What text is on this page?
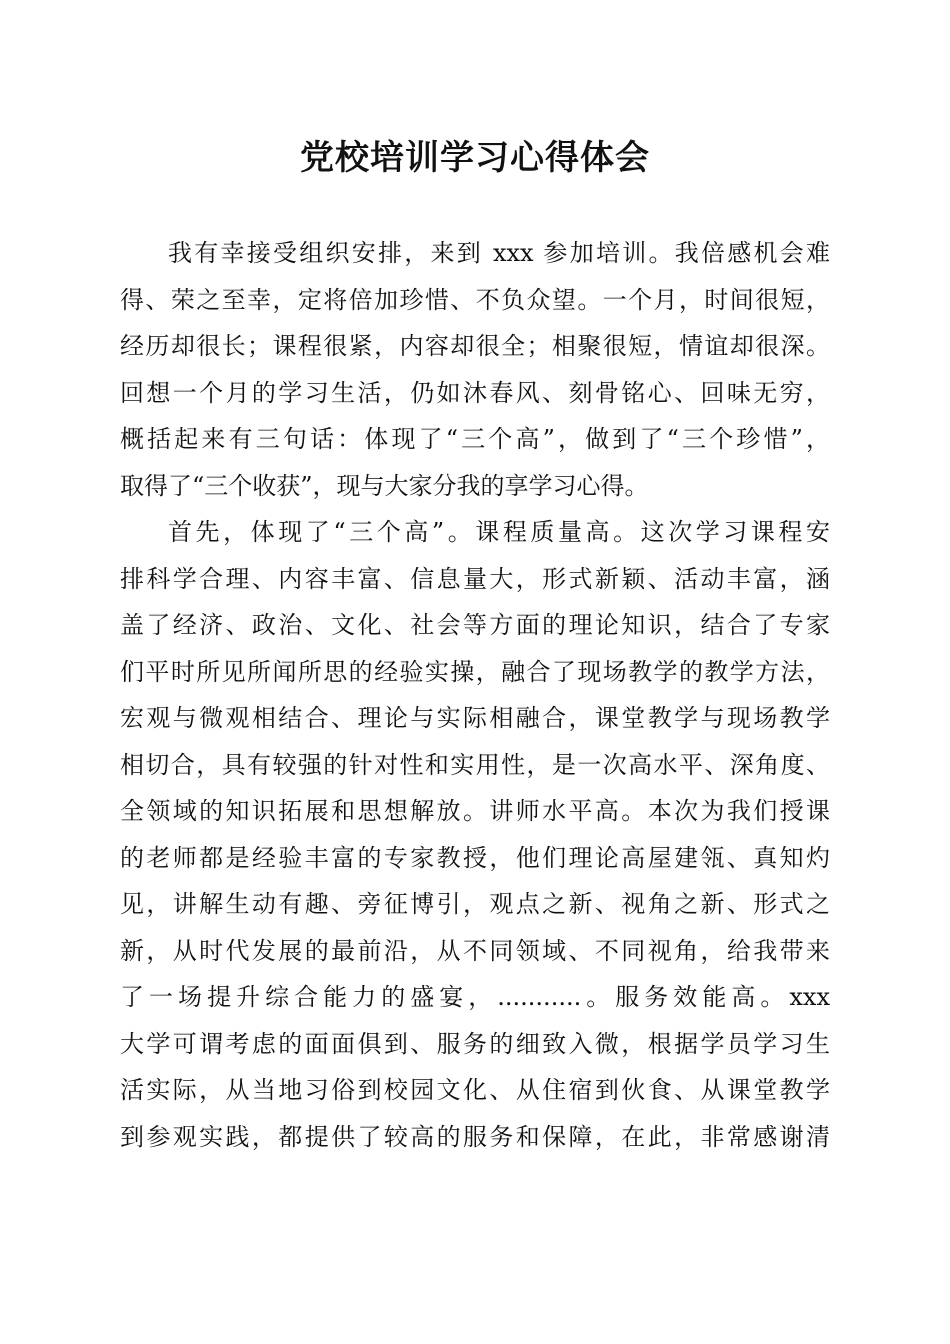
党校培训学习心得体会
我有幸接受组织安排，来到 xxx 参加培训。我倍感机会难
得、荣之至幸，定将倍加珍惜、不负众望。一个月，时间很短，
经历却很长；课程很紧，内容却很全；相聚很短，情谊却很深。
回想一个月的学习生活，仍如沐春风、刻骨铭心、回味无穷，
概括起来有三句话：体现了“三个高”，做到了“三个珍惜”，
取得了“三个收获”，现与大家分我的享学习心得。
首先，体现了“三个高”。课程质量高。这次学习课程安
排科学合理、内容丰富、信息量大，形式新颖、活动丰富，涵
盖了经济、政治、文化、社会等方面的理论知识，结合了专家
们平时所见所闻所思的经验实操，融合了现场教学的教学方法，
宏观与微观相结合、理论与实际相融合，课堂教学与现场教学
相切合，具有较强的针对性和实用性，是一次高水平、深角度、
全领域的知识拓展和思想解放。讲师水平高。本次为我们授课
的老师都是经验丰富的专家教授，他们理论高屋建瓴、真知灼
见，讲解生动有趣、旁征博引，观点之新、视角之新、形式之
新，从时代发展的最前沿，从不同领域、不同视角，给我带来
了一场提升综合能力的盛宴，...........。服务效能高。xxx
大学可谓考虑的面面俱到、服务的细致入微，根据学员学习生
活实际，从当地习俗到校园文化、从住宿到伙食、从课堂教学
到参观实践，都提供了较高的服务和保障，在此，非常感谢清
